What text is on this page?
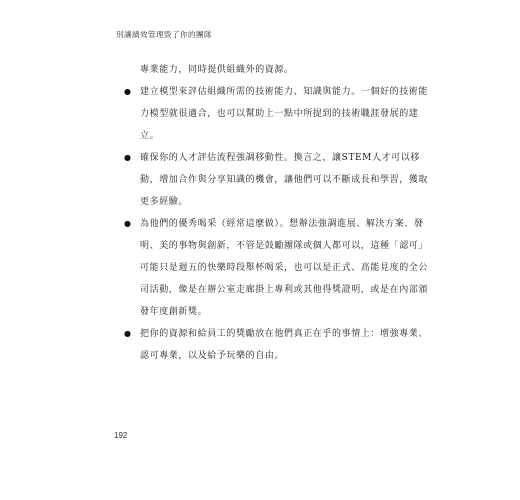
別讓績效管理毀了你的團隊
專業能力，同時提供組織外的資源。
● 建立模型來評估組織所需的技術能力、知識與能力。一個好的技術能
力模型就很適合，也可以幫助上一點中所提到的技術職涯發展的建
立。
● 確保你的人才評估流程強調移動性。換言之，讓STEM人才可以移
動，增加合作與分享知識的機會，讓他們可以不斷成長和學習，獲取
更多經驗。
● 為他們的優秀喝采（經常這麼做）。想辦法強調進展、解決方案、發
明、美的事物與創新，不管是鼓勵團隊或個人都可以，這種「認可」
可能只是週五的快樂時段舉杯喝采，也可以是正式、高能見度的全公
司活動，像是在辦公室走廊掛上專利或其他得獎證明，或是在內部頒
發年度創新獎。
● 把你的資源和給員工的獎勵放在他們真正在乎的事情上：增強專業、
認可專業，以及給予玩樂的自由。
192
